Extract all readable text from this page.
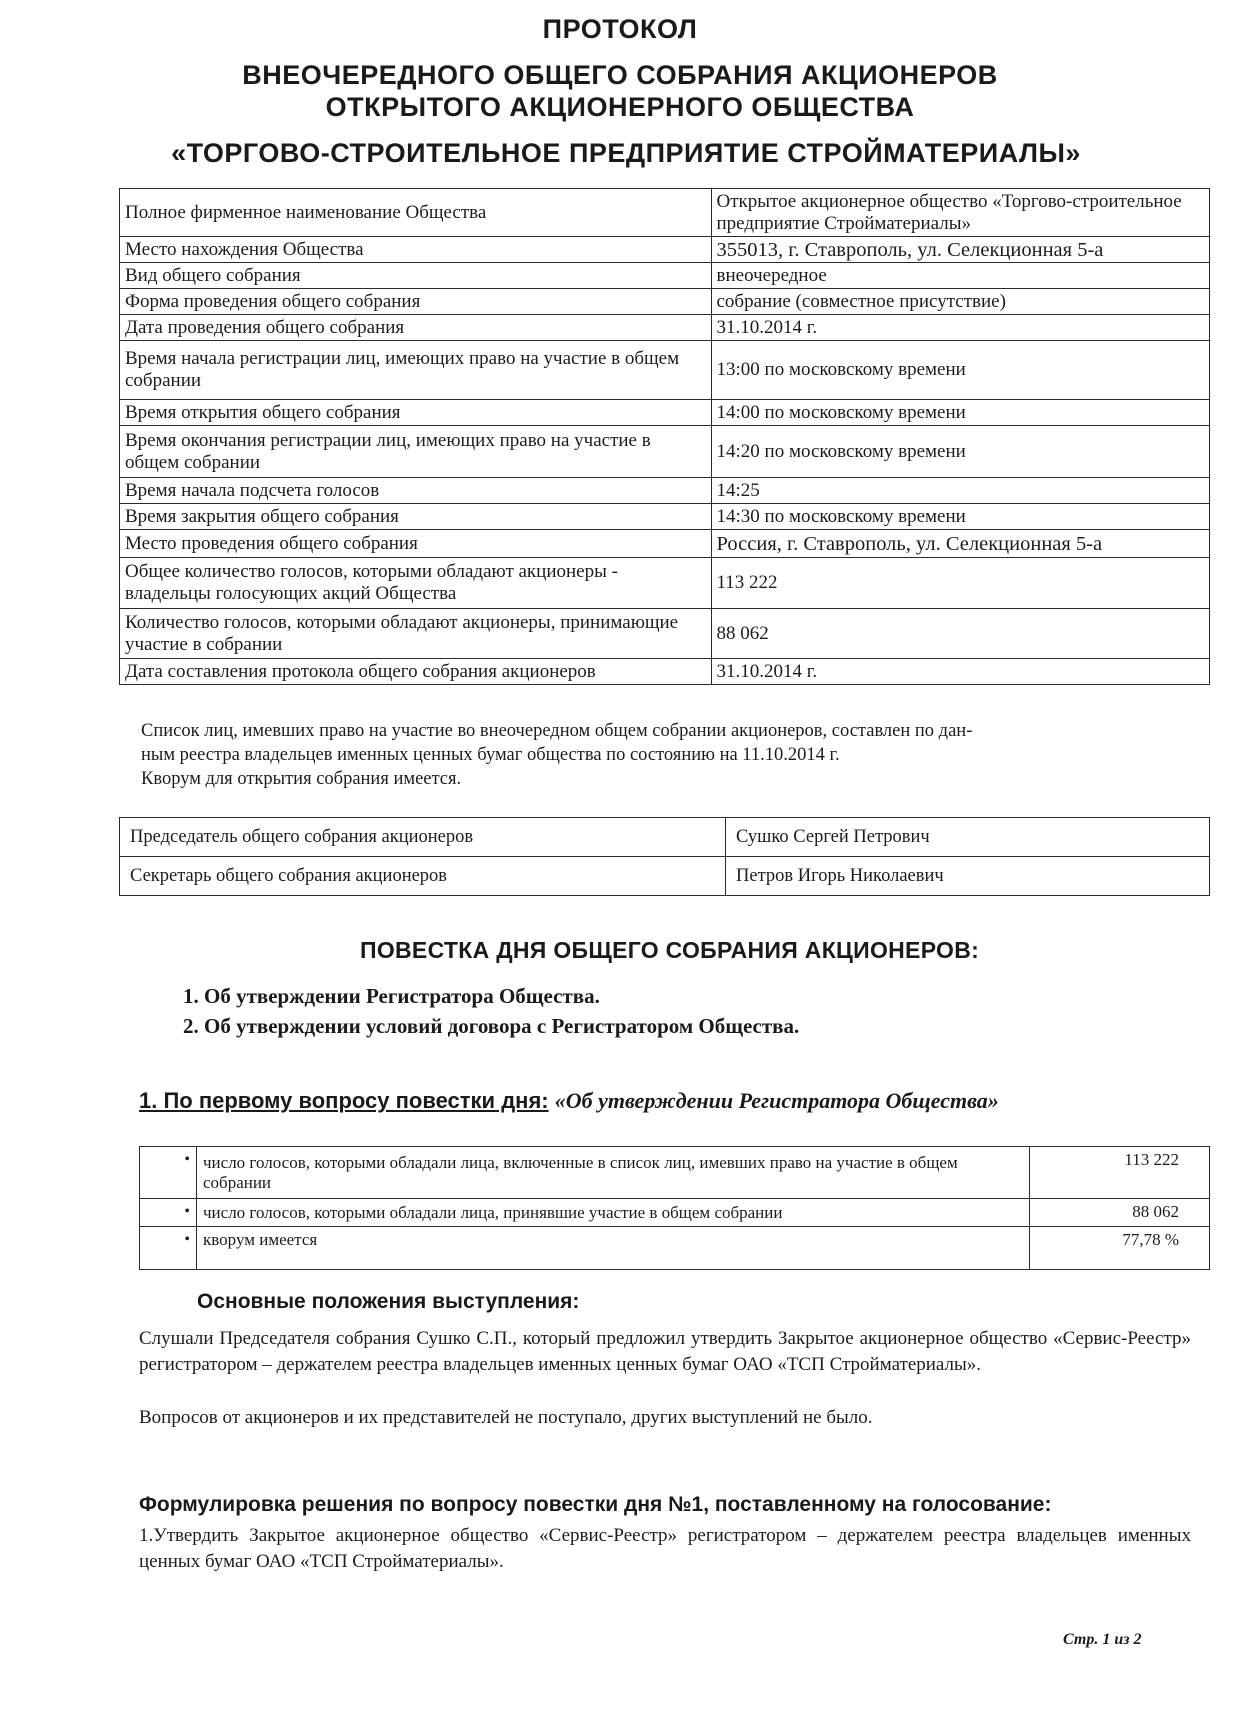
ПРОТОКОЛ
ВНЕОЧЕРЕДНОГО ОБЩЕГО СОБРАНИЯ АКЦИОНЕРОВ
ОТКРЫТОГО АКЦИОНЕРНОГО ОБЩЕСТВА
«ТОРГОВО-СТРОИТЕЛЬНОЕ ПРЕДПРИЯТИЕ СТРОЙМАТЕРИАЛЫ»
Полное фирменное наименование Общества	Открытое акционерное общество «Торгово-строительное предприятие Стройматериалы»
Место нахождения Общества	355013, г. Ставрополь, ул. Селекционная 5-а
Вид общего собрания	внеочередное
Форма проведения общего собрания	собрание (совместное присутствие)
Дата проведения общего собрания	31.10.2014 г.
Время начала регистрации лиц, имеющих право на участие в общем собрании	13:00 по московскому времени
Время открытия общего собрания	14:00 по московскому времени
Время окончания регистрации лиц, имеющих право на участие в общем собрании	14:20 по московскому времени
Время начала подсчета голосов	14:25
Время закрытия общего собрания	14:30 по московскому времени
Место проведения общего собрания	Россия, г. Ставрополь, ул. Селекционная 5-а
Общее количество голосов, которыми обладают акционеры - владельцы голосующих акций Общества	113 222
Количество голосов, которыми обладают акционеры, принимающие участие в собрании	88 062
Дата составления протокола общего собрания акционеров	31.10.2014 г.
Список лиц, имевших право на участие во внеочередном общем собрании акционеров, составлен по дан-
ным реестра владельцев именных ценных бумаг общества по состоянию на 11.10.2014 г.
Кворум для открытия собрания имеется.
Председатель общего собрания акционеров	Сушко Сергей Петрович
Секретарь общего собрания акционеров	Петров Игорь Николаевич
ПОВЕСТКА ДНЯ ОБЩЕГО СОБРАНИЯ АКЦИОНЕРОВ:
1. Об утверждении Регистратора Общества.
2. Об утверждении условий договора с Регистратором Общества.
1. По первому вопросу повестки дня: «Об утверждении Регистратора Общества»
•	число голосов, которыми обладали лица, включенные в список лиц, имевших право на участие в общем собрании	113 222
•	число голосов, которыми обладали лица, принявшие участие в общем собрании	88 062
•	кворум имеется	77,78 %
Основные положения выступления:
Слушали Председателя собрания Сушко С.П., который предложил утвердить Закрытое акционерное общество «Сервис-Реестр» регистратором – держателем реестра владельцев именных ценных бумаг ОАО «ТСП Стройматериалы».
Вопросов от акционеров и их представителей не поступало, других выступлений не было.
Формулировка решения по вопросу повестки дня №1, поставленному на голосование:
1.Утвердить Закрытое акционерное общество «Сервис-Реестр» регистратором – держателем реестра владельцев именных ценных бумаг ОАО «ТСП Стройматериалы».
Стр. 1 из 2
